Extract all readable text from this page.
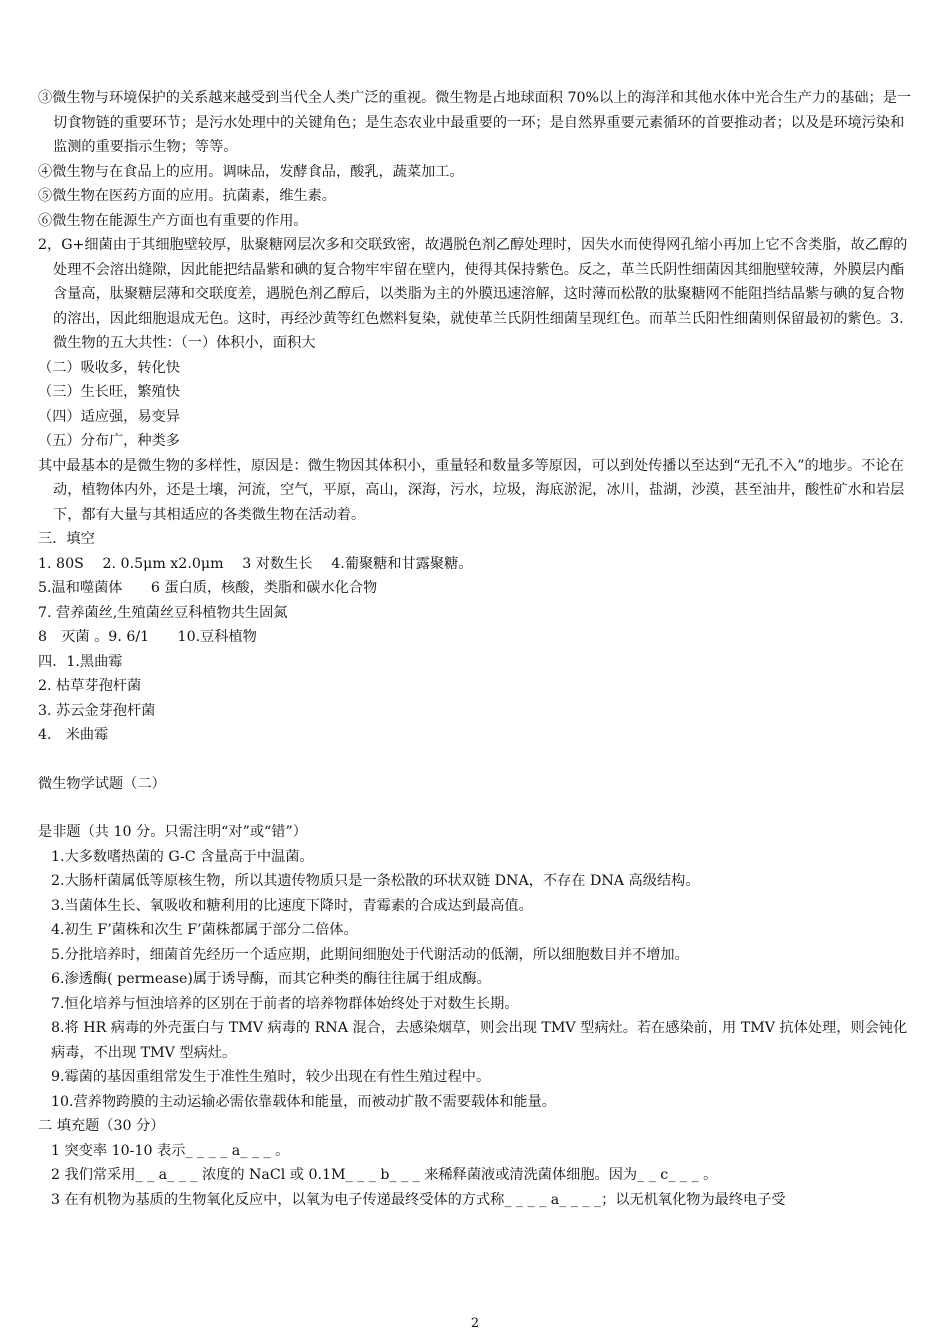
③微生物与环境保护的关系越来越受到当代全人类广泛的重视。微生物是占地球面积 70%以上的海洋和其他水体中光合生产力的基础；是一切食物链的重要环节；是污水处理中的关键角色；是生态农业中最重要的一环；是自然界重要元素循环的首要推动者；以及是环境污染和监测的重要指示生物；等等。
④微生物与在食品上的应用。调味品，发酵食品，酸乳，蔬菜加工。
⑤微生物在医药方面的应用。抗菌素，维生素。
⑥微生物在能源生产方面也有重要的作用。
2，G+细菌由于其细胞壁较厚，肽聚糖网层次多和交联致密，故遇脱色剂乙醇处理时，因失水而使得网孔缩小再加上它不含类脂，故乙醇的处理不会溶出缝隙，因此能把结晶紫和碘的复合物牢牢留在壁内，使得其保持紫色。反之，革兰氏阴性细菌因其细胞壁较薄，外膜层内酯含量高，肽聚糖层薄和交联度差，遇脱色剂乙醇后，以类脂为主的外膜迅速溶解，这时薄而松散的肽聚糖网不能阻挡结晶紫与碘的复合物的溶出，因此细胞退成无色。这时，再经沙黄等红色燃料复染，就使革兰氏阴性细菌呈现红色。而革兰氏阳性细菌则保留最初的紫色。3. 微生物的五大共性：（一）体积小，面积大
（二）吸收多，转化快
（三）生长旺，繁殖快
（四）适应强，易变异
（五）分布广，种类多
其中最基本的是微生物的多样性，原因是：微生物因其体积小，重量轻和数量多等原因，可以到处传播以至达到“无孔不入”的地步。不论在动，植物体内外，还是土壤，河流，空气，平原，高山，深海，污水，垃圾，海底淤泥，冰川，盐湖，沙漠，甚至油井，酸性矿水和岩层下，都有大量与其相适应的各类微生物在活动着。
三．填空
1. 80S　 2. 0.5μm x2.0μm　 3 对数生长　 4.葡聚糖和甘露聚糖。
5.温和噬菌体　　6 蛋白质，核酸，类脂和碳水化合物
7. 营养菌丝,生殖菌丝豆科植物共生固氮
8　灭菌 。9. 6/1　　10.豆科植物
四．1.黑曲霉
2. 枯草芽孢杆菌
3. 苏云金芽孢杆菌
4.　米曲霉
微生物学试题（二）
是非题（共 10 分。只需注明“对”或“错”）
1.大多数嗜热菌的 G-C 含量高于中温菌。
2.大肠杆菌属低等原核生物，所以其遗传物质只是一条松散的环状双链 DNA，不存在 DNA 高级结构。
3.当菌体生长、氧吸收和糖利用的比速度下降时，青霉素的合成达到最高值。
4.初生 F’菌株和次生 F’菌株都属于部分二倍体。
5.分批培养时，细菌首先经历一个适应期，此期间细胞处于代谢活动的低潮，所以细胞数目并不增加。
6.渗透酶( permease)属于诱导酶，而其它种类的酶往往属于组成酶。
7.恒化培养与恒浊培养的区别在于前者的培养物群体始终处于对数生长期。
8.将 HR 病毒的外壳蛋白与 TMV 病毒的 RNA 混合，去感染烟草，则会出现 TMV 型病灶。若在感染前，用 TMV 抗体处理，则会钝化病毒，不出现 TMV 型病灶。
9.霉菌的基因重组常发生于准性生殖时，较少出现在有性生殖过程中。
10.营养物跨膜的主动运输必需依靠载体和能量，而被动扩散不需要载体和能量。
二 填充题（30 分）
1 突变率 10-10 表示_ _ _ _ a_ _ _ 。
2 我们常采用_ _ a_ _ _ 浓度的 NaCl 或 0.1M_ _ _ b_ _ _ 来稀释菌液或清洗菌体细胞。因为_ _ c_ _ _ 。
3 在有机物为基质的生物氧化反应中，以氧为电子传递最终受体的方式称_ _ _ _ a_ _ _ _；以无机氧化物为最终电子受
2
